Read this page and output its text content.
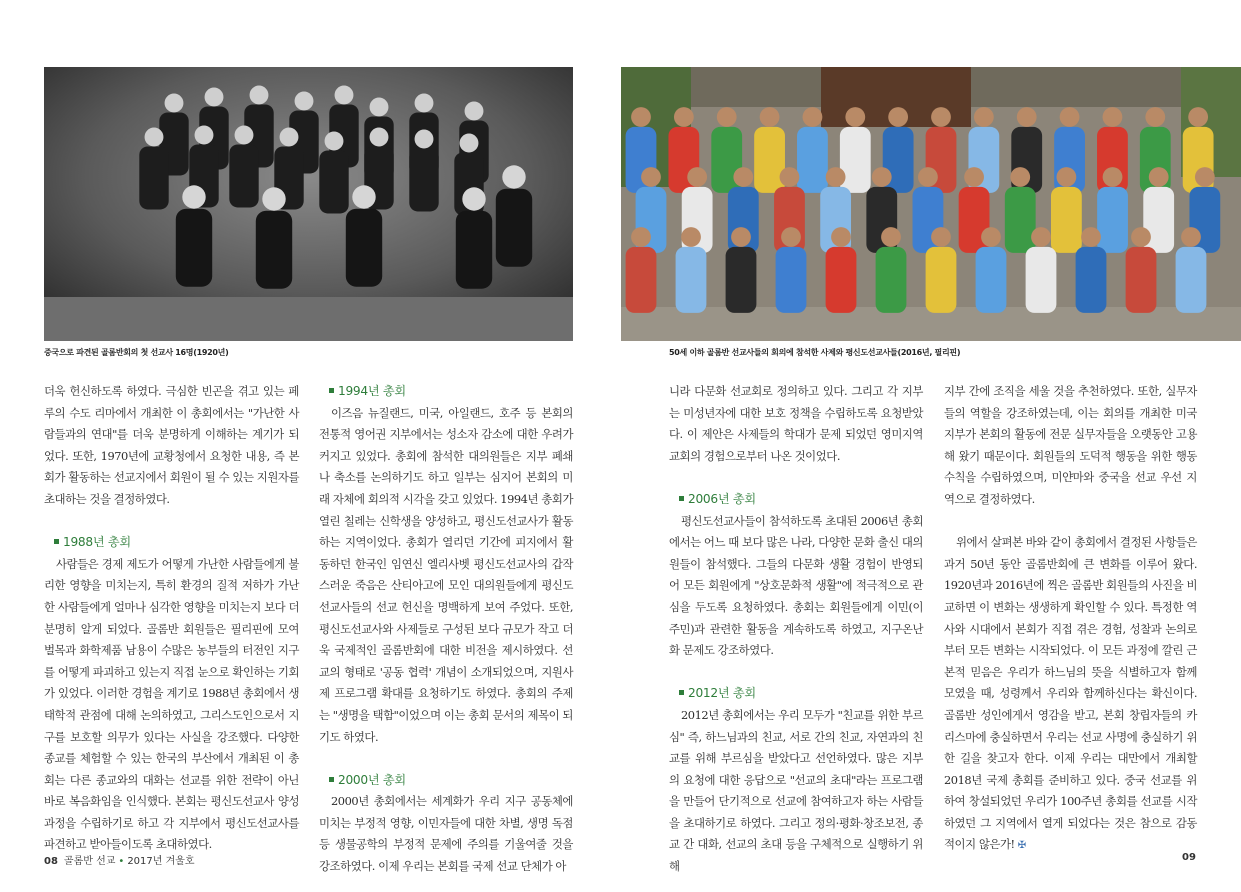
중국으로 파견된 골롬반회의 첫 선교사 16명(1920년)	50세 이하 골롬반 선교사들의 회의에 참석한 사제와 평신도선교사들(2016년, 필리핀)

더욱 헌신하도록 하였다. 극심한 빈곤을 겪고 있는 페루의 수도 리마에서 개최한 이 총회에서는 "가난한 사람들과의 연대"를 더욱 분명하게 이해하는 계기가 되었다. 또한, 1970년에 교황청에서 요청한 내용, 즉 본회가 활동하는 선교지에서 회원이 될 수 있는 지원자를 초대하는 것을 결정하였다.

1988년 총회

사람들은 경제 제도가 어떻게 가난한 사람들에게 불리한 영향을 미치는지, 특히 환경의 질적 저하가 가난한 사람들에게 얼마나 심각한 영향을 미치는지 보다 더 분명히 알게 되었다. 골롬반 회원들은 필리핀에 모여 벌목과 화학제품 남용이 수많은 농부들의 터전인 지구를 어떻게 파괴하고 있는지 직접 눈으로 확인하는 기회가 있었다. 이러한 경험을 계기로 1988년 총회에서 생태학적 관점에 대해 논의하였고, 그리스도인으로서 지구를 보호할 의무가 있다는 사실을 강조했다. 다양한 종교를 체험할 수 있는 한국의 부산에서 개최된 이 총회는 다른 종교와의 대화는 선교를 위한 전략이 아닌 바로 복음화임을 인식했다. 본회는 평신도선교사 양성 과정을 수립하기로 하고 각 지부에서 평신도선교사를 파견하고 받아들이도록 초대하였다.

1994년 총회

이즈음 뉴질랜드, 미국, 아일랜드, 호주 등 본회의 전통적 영어권 지부에서는 성소자 감소에 대한 우려가 커지고 있었다. 총회에 참석한 대의원들은 지부 폐쇄나 축소를 논의하기도 하고 일부는 심지어 본회의 미래 자체에 회의적 시각을 갖고 있었다. 1994년 총회가 열린 칠레는 신학생을 양성하고, 평신도선교사가 활동하는 지역이었다. 총회가 열리던 기간에 피지에서 활동하던 한국인 임연신 엘리사벳 평신도선교사의 갑작스러운 죽음은 산티아고에 모인 대의원들에게 평신도선교사들의 선교 헌신을 명백하게 보여 주었다. 또한, 평신도선교사와 사제들로 구성된 보다 규모가 작고 더욱 국제적인 골롬반회에 대한 비전을 제시하였다. 선교의 형태로 '공동 협력' 개념이 소개되었으며, 지원사제 프로그램 확대를 요청하기도 하였다. 총회의 주제는 "생명을 택함"이었으며 이는 총회 문서의 제목이 되기도 하였다.

2000년 총회

2000년 총회에서는 세계화가 우리 지구 공동체에 미치는 부정적 영향, 이민자들에 대한 차별, 생명 독점 등 생물공학의 부정적 문제에 주의를 기울여줄 것을 강조하였다. 이제 우리는 본회를 국제 선교 단체가 아

니라 다문화 선교회로 정의하고 있다. 그리고 각 지부는 미성년자에 대한 보호 정책을 수립하도록 요청받았다. 이 제안은 사제들의 학대가 문제 되었던 영미지역 교회의 경험으로부터 나온 것이었다.

2006년 총회

평신도선교사들이 참석하도록 초대된 2006년 총회에서는 어느 때 보다 많은 나라, 다양한 문화 출신 대의원들이 참석했다. 그들의 다문화 생활 경험이 반영되어 모든 회원에게 "상호문화적 생활"에 적극적으로 관심을 두도록 요청하였다. 총회는 회원들에게 이민(이주민)과 관련한 활동을 계속하도록 하였고, 지구온난화 문제도 강조하였다.

2012년 총회

2012년 총회에서는 우리 모두가 "친교를 위한 부르심" 즉, 하느님과의 친교, 서로 간의 친교, 자연과의 친교를 위해 부르심을 받았다고 선언하였다. 많은 지부의 요청에 대한 응답으로 "선교의 초대"라는 프로그램을 만들어 단기적으로 선교에 참여하고자 하는 사람들을 초대하기로 하였다. 그리고 정의·평화·창조보전, 종교 간 대화, 선교의 초대 등을 구체적으로 실행하기 위해

지부 간에 조직을 세울 것을 추천하였다. 또한, 실무자들의 역할을 강조하였는데, 이는 회의를 개최한 미국 지부가 본회의 활동에 전문 실무자들을 오랫동안 고용해 왔기 때문이다. 회원들의 도덕적 행동을 위한 행동수칙을 수립하였으며, 미얀마와 중국을 선교 우선 지역으로 결정하였다.

위에서 살펴본 바와 같이 총회에서 결정된 사항들은 과거 50년 동안 골롬반회에 큰 변화를 이루어 왔다. 1920년과 2016년에 찍은 골롬반 회원들의 사진을 비교하면 이 변화는 생생하게 확인할 수 있다. 특정한 역사와 시대에서 본회가 직접 겪은 경험, 성찰과 논의로부터 모든 변화는 시작되었다. 이 모든 과정에 깔린 근본적 믿음은 우리가 하느님의 뜻을 식별하고자 함께 모였을 때, 성령께서 우리와 함께하신다는 확신이다. 골롬반 성인에게서 영감을 받고, 본회 창립자들의 카리스마에 충실하면서 우리는 선교 사명에 충실하기 위한 길을 찾고자 한다. 이제 우리는 대만에서 개최할 2018년 국제 총회를 준비하고 있다. 중국 선교를 위하여 창설되었던 우리가 100주년 총회를 선교를 시작하였던 그 지역에서 열게 되었다는 것은 참으로 감동적이지 않은가! ✠

08 골롬반 선교 • 2017년 겨울호	09
